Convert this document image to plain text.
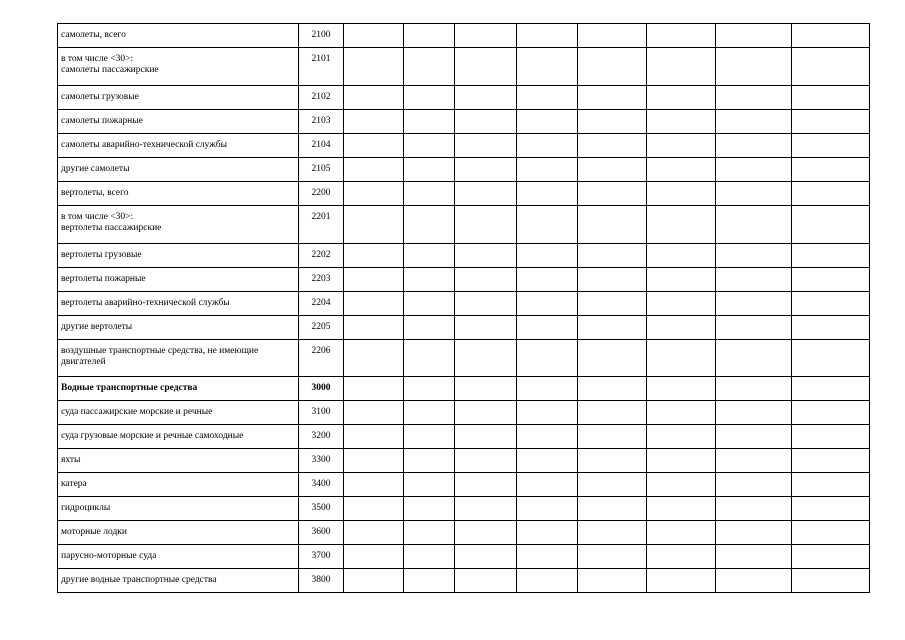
самолеты, всего	2100								

в том числе <30>:
самолеты пассажирские	2101								
самолеты грузовые	2102								
самолеты пожарные	2103								
самолеты аварийно-технической службы	2104								
другие самолеты	2105								
вертолеты, всего	2200								

в том числе <30>:
вертолеты пассажирские	2201								
вертолеты грузовые	2202								
вертолеты пожарные	2203								
вертолеты аварийно-технической службы	2204								
другие вертолеты	2205								

воздушные транспортные средства, не имеющие
двигателей	2206								
Водные транспортные средства	3000								
суда пассажирские морские и речные	3100								
суда грузовые морские и речные самоходные	3200								
яхты	3300								
катера	3400								
гидроциклы	3500								
моторные лодки	3600								
парусно-моторные суда	3700								
другие водные транспортные средства	3800								
